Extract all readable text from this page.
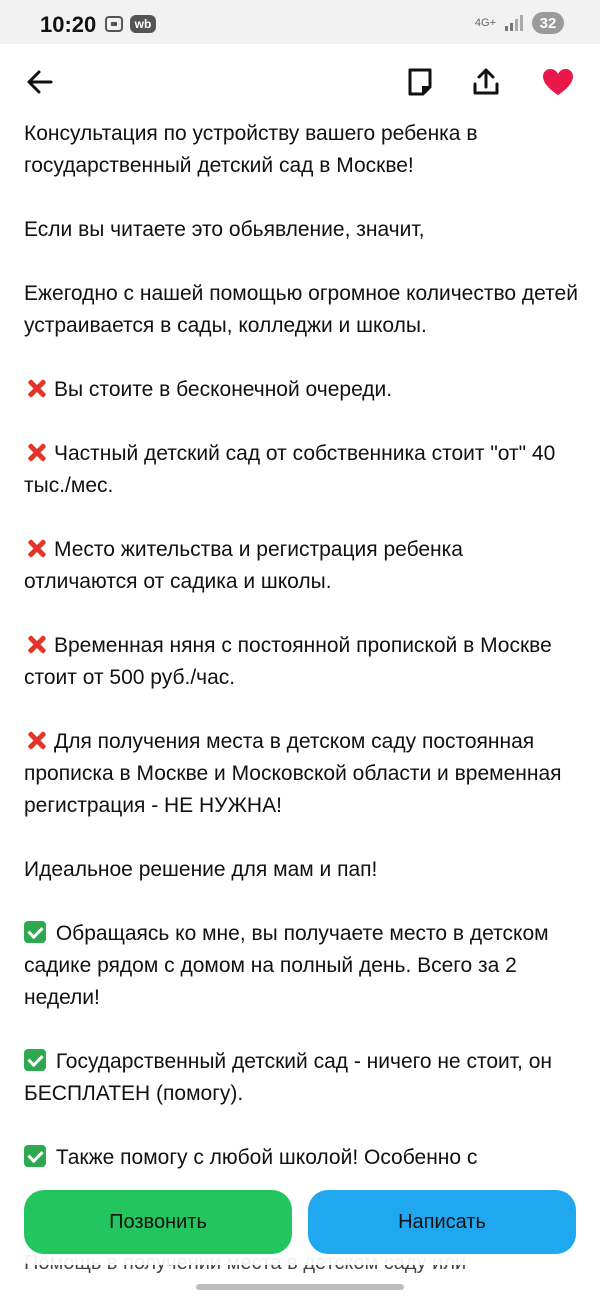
10:20	wb	4G+	32

Консультация по устройству вашего ребенка в государственный детский сад в Москве!

Если вы читаете это обьявление, значит,

Ежегодно с нашей помощью огромное количество детей устраивается в сады, колледжи и школы.

Вы стоите в бесконечной очереди.

Частный детский сад от собственника стоит "от" 40 тыс./мес.

Место жительства и регистрация ребенка отличаются от садика и школы.

Временная няня с постоянной пропиской в Москве стоит от 500 руб./час.

Для получения места в детском саду постоянная прописка в Москве и Московской области и временная регистрация - НЕ НУЖНА!

Идеальное решение для мам и пап!

Обращаясь ко мне, вы получаете место в детском садике рядом с домом на полный день. Всего за 2 недели!

Государственный детский сад - ничего не стоит, он БЕСПЛАТЕН (помогу).

Также помогу с любой школой! Особенно с

Позвонить	Написать
